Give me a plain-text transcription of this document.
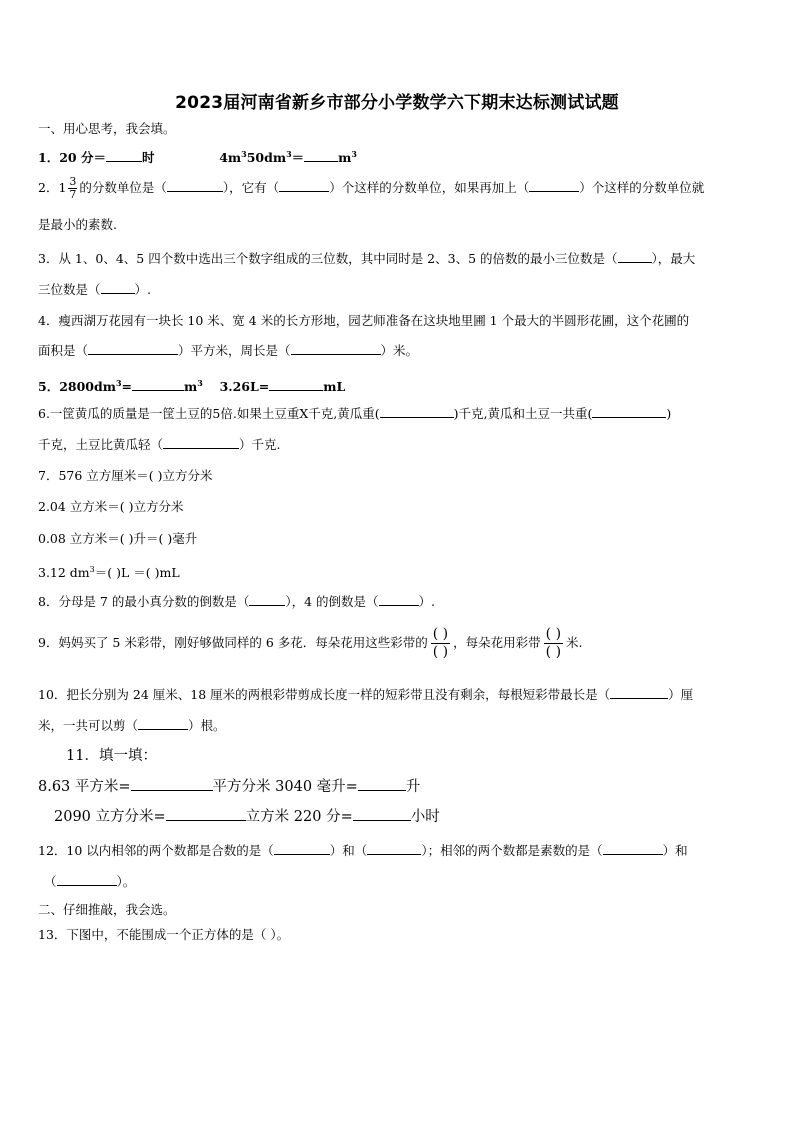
2023届河南省新乡市部分小学数学六下期末达标测试试题
一、用心思考，我会填。
1．20 分＝	时	$4m^350dm^3=$	$m^3$
2．$1 \frac{3}{7}$ 的分数单位是（	），它有（	）个这样的分数单位，如果再加上（	）个这样的分数单位就
是最小的素数.
3．从 1、0、4、5 四个数中选出三个数字组成的三位数，其中同时是 2、3、5 的倍数的最小三位数是（	），最大
三位数是（	）.
4．瘦西湖万花园有一块长 10 米、宽 4 米的长方形地，园艺师准备在这块地里圃 1 个最大的半圆形花圃，这个花圃的
面积是（	）平方米，周长是（	）米。
5．$2800dm^3=$	$m^3$ 3.26L=	mL
6.一筐黄瓜的质量是一筐土豆的5倍.如果土豆重X千克,黄瓜重(	)千克,黄瓜和土豆一共重(	)
千克，土豆比黄瓜轻（	）千克.
7．576 立方厘米＝( )立方分米
2.04 立方米＝( )立方分米
0.08 立方米＝( )升＝( )毫升
3.12 $dm^3=$( )L ＝( )mL
8．分母是 7 的最小真分数的倒数是（	），4 的倒数是（	）.
9．妈妈买了 5 米彩带，刚好够做同样的 6 多花．每朵花用这些彩带的 $\frac{( )}{( )}$ ，每朵花用彩带 $\frac{( )}{( )}$ 米.
10．把长分别为 24 厘米、18 厘米的两根彩带剪成长度一样的短彩带且没有剩余，每根短彩带最长是（	）厘
米，一共可以剪（	）根。
11．填一填：
8.63 平方米=	平方分米 3040 毫升=	升
2090 立方分米=	立方米 220 分=	小时
12．10 以内相邻的两个数都是合数的是（	）和（	）；相邻的两个数都是素数的是（	）和
（	）。
二、仔细推敲，我会选。
13．下图中，不能围成一个正方体的是（ ）。
